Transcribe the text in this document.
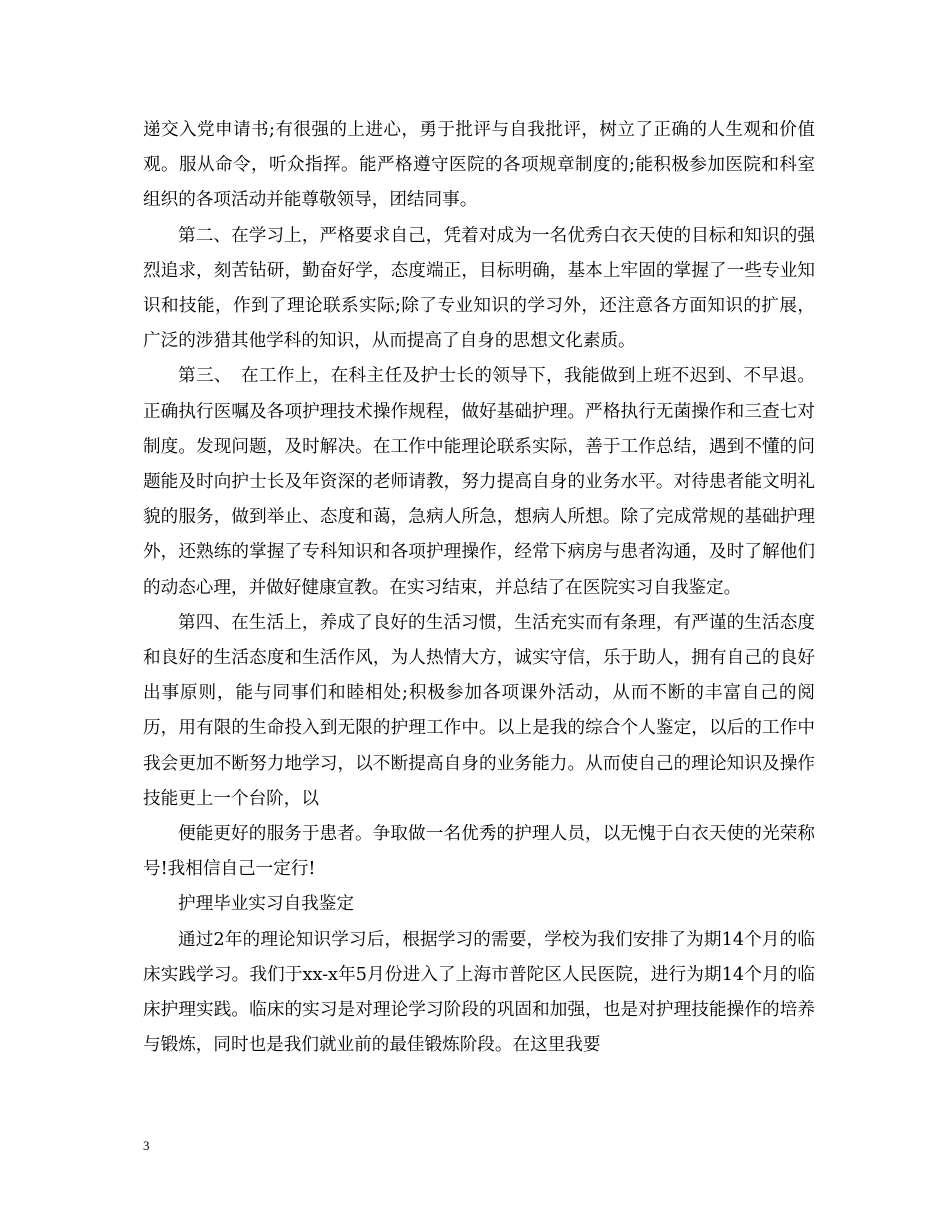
递交入党申请书;有很强的上进心，勇于批评与自我批评，树立了正确的人生观和价值观。服从命令，听众指挥。能严格遵守医院的各项规章制度的;能积极参加医院和科室组织的各项活动并能尊敬领导，团结同事。

第二、在学习上，严格要求自己，凭着对成为一名优秀白衣天使的目标和知识的强烈追求，刻苦钻研，勤奋好学，态度端正，目标明确，基本上牢固的掌握了一些专业知识和技能，作到了理论联系实际;除了专业知识的学习外，还注意各方面知识的扩展，广泛的涉猎其他学科的知识，从而提高了自身的思想文化素质。

第三、　在工作上，在科主任及护士长的领导下，我能做到上班不迟到、不早退。正确执行医嘱及各项护理技术操作规程，做好基础护理。严格执行无菌操作和三查七对制度。发现问题，及时解决。在工作中能理论联系实际，善于工作总结，遇到不懂的问题能及时向护士长及年资深的老师请教，努力提高自身的业务水平。对待患者能文明礼貌的服务，做到举止、态度和蔼，急病人所急，想病人所想。除了完成常规的基础护理外，还熟练的掌握了专科知识和各项护理操作，经常下病房与患者沟通，及时了解他们的动态心理，并做好健康宣教。在实习结束，并总结了在医院实习自我鉴定。

第四、在生活上，养成了良好的生活习惯，生活充实而有条理，有严谨的生活态度和良好的生活态度和生活作风，为人热情大方，诚实守信，乐于助人，拥有自己的良好出事原则，能与同事们和睦相处;积极参加各项课外活动，从而不断的丰富自己的阅历，用有限的生命投入到无限的护理工作中。以上是我的综合个人鉴定，以后的工作中我会更加不断努力地学习，以不断提高自身的业务能力。从而使自己的理论知识及操作技能更上一个台阶，以

便能更好的服务于患者。争取做一名优秀的护理人员，以无愧于白衣天使的光荣称号!我相信自己一定行!

护理毕业实习自我鉴定

通过2年的理论知识学习后，根据学习的需要，学校为我们安排了为期14个月的临床实践学习。我们于xx-x年5月份进入了上海市普陀区人民医院，进行为期14个月的临床护理实践。临床的实习是对理论学习阶段的巩固和加强，也是对护理技能操作的培养与锻炼，同时也是我们就业前的最佳锻炼阶段。在这里我要

3
